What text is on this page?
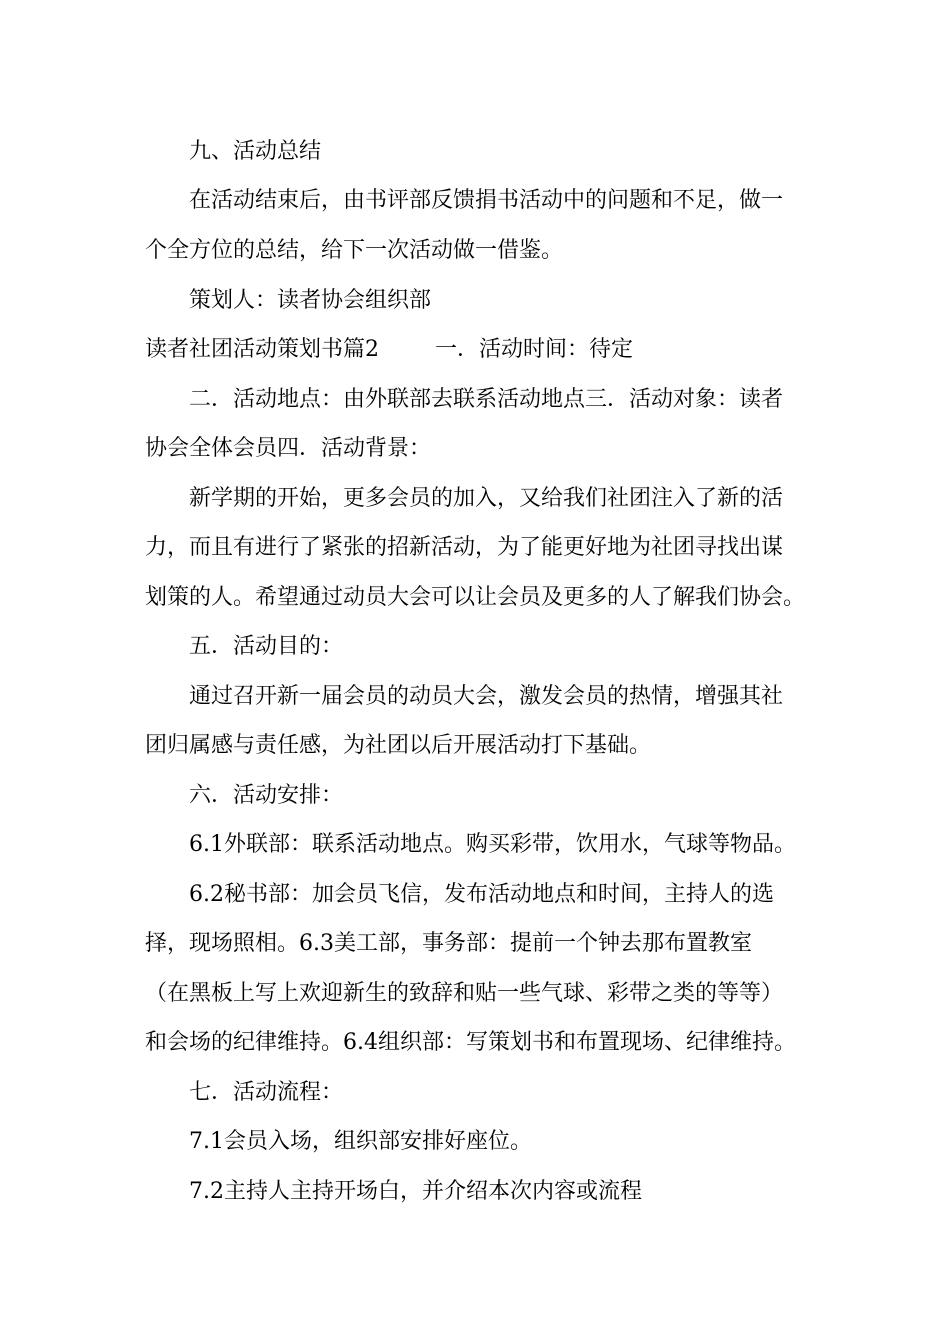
九、活动总结
在活动结束后，由书评部反馈捐书活动中的问题和不足，做一
个全方位的总结，给下一次活动做一借鉴。
策划人：读者协会组织部
读者社团活动策划书篇2	一．活动时间：待定
二．活动地点：由外联部去联系活动地点三．活动对象：读者
协会全体会员四．活动背景：
新学期的开始，更多会员的加入，又给我们社团注入了新的活
力，而且有进行了紧张的招新活动，为了能更好地为社团寻找出谋
划策的人。希望通过动员大会可以让会员及更多的人了解我们协会。
五．活动目的：
通过召开新一届会员的动员大会，激发会员的热情，增强其社
团归属感与责任感，为社团以后开展活动打下基础。
六．活动安排：
6.1外联部：联系活动地点。购买彩带，饮用水，气球等物品。
6.2秘书部：加会员飞信，发布活动地点和时间，主持人的选
择，现场照相。6.3美工部，事务部：提前一个钟去那布置教室
（在黑板上写上欢迎新生的致辞和贴一些气球、彩带之类的等等）
和会场的纪律维持。6.4组织部：写策划书和布置现场、纪律维持。
七．活动流程：
7.1会员入场，组织部安排好座位。
7.2主持人主持开场白，并介绍本次内容或流程
